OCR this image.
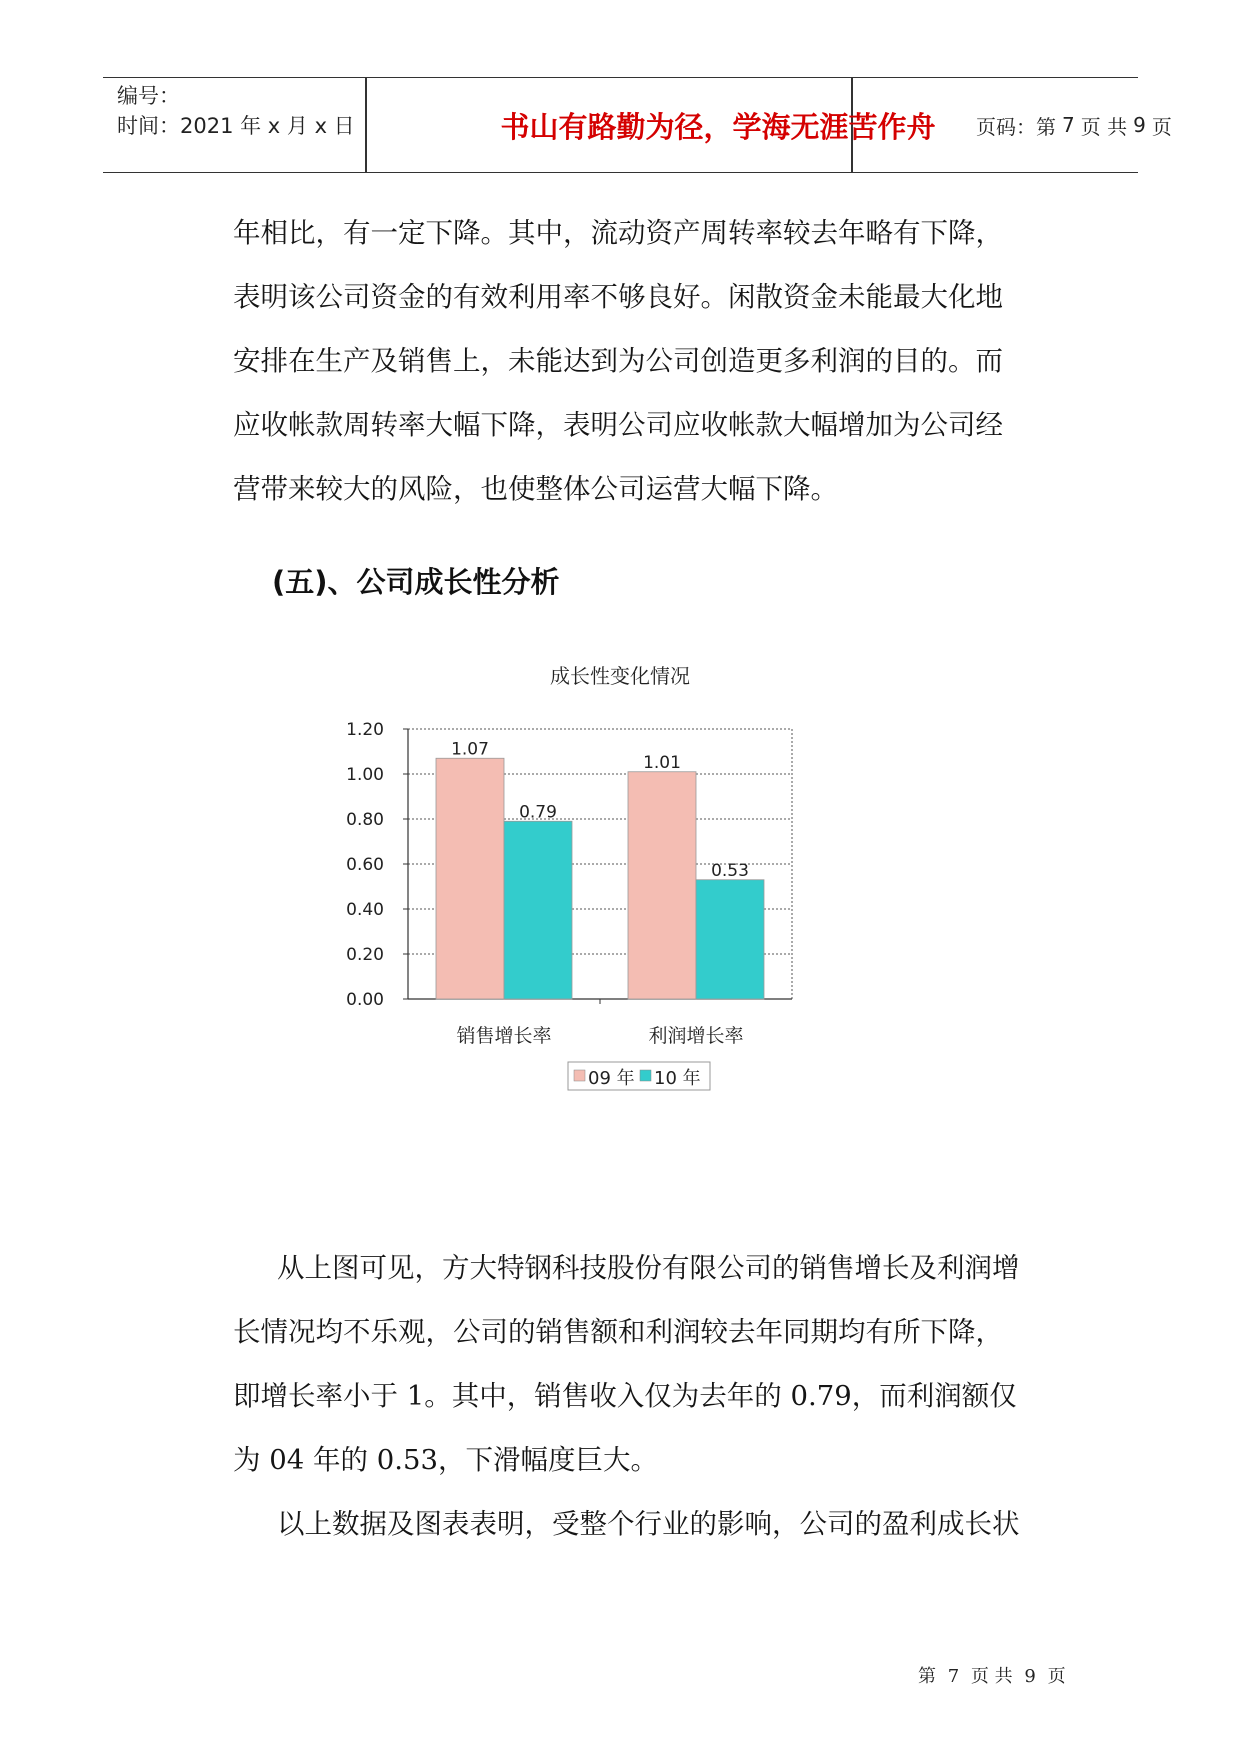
编号：
时间：2021 年 x 月 x 日	书山有路勤为径，学海无涯苦作舟	页码：第 7 页 共 9 页
年相比，有一定下降。其中，流动资产周转率较去年略有下降，
表明该公司资金的有效利用率不够良好。闲散资金未能最大化地
安排在生产及销售上，未能达到为公司创造更多利润的目的。而
应收帐款周转率大幅下降，表明公司应收帐款大幅增加为公司经
营带来较大的风险，也使整体公司运营大幅下降。
(五)、公司成长性分析
成长性变化情况
0.00
0.20
0.40
0.60
0.80
1.00
1.20
1.07
0.79
销售增长率
1.01
0.53
利润增长率
09 年 10 年
从上图可见，方大特钢科技股份有限公司的销售增长及利润增
长情况均不乐观，公司的销售额和利润较去年同期均有所下降，
即增长率小于 1。其中，销售收入仅为去年的 0.79，而利润额仅
为 04 年的 0.53，下滑幅度巨大。
以上数据及图表表明，受整个行业的影响，公司的盈利成长状
第 7 页 共 9 页
